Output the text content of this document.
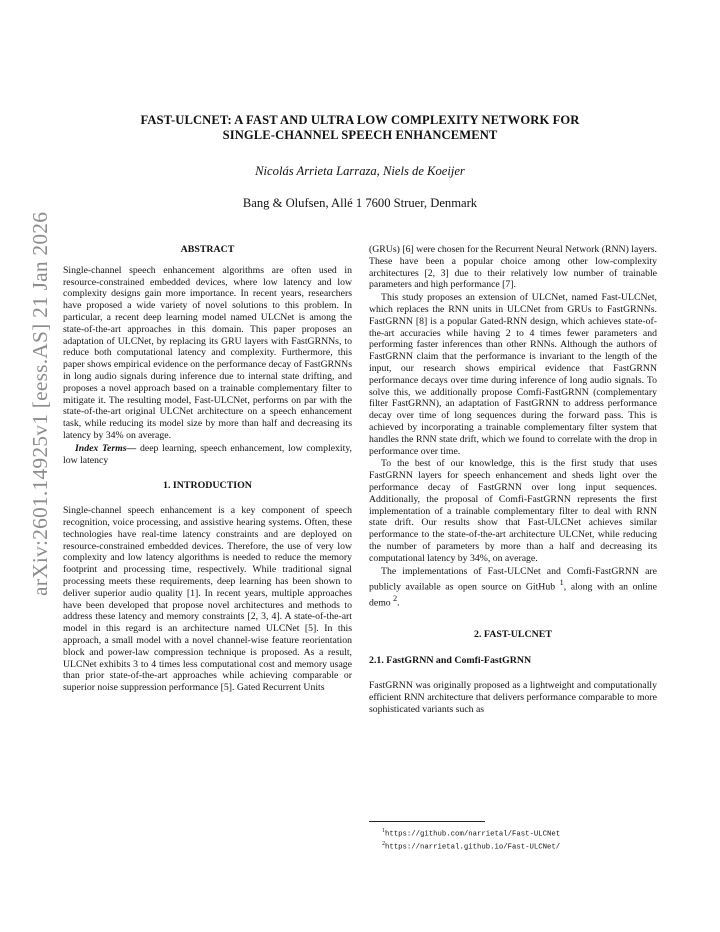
arXiv:2601.14925v1 [eess.AS] 21 Jan 2026
FAST-ULCNET: A FAST AND ULTRA LOW COMPLEXITY NETWORK FOR
SINGLE-CHANNEL SPEECH ENHANCEMENT
Nicolás Arrieta Larraza, Niels de Koeijer
Bang & Olufsen, Allé 1 7600 Struer, Denmark
ABSTRACT

Single-channel speech enhancement algorithms are often used in resource-constrained embedded devices, where low latency and low complexity designs gain more importance. In recent years, researchers have proposed a wide variety of novel solutions to this problem. In particular, a recent deep learning model named ULCNet is among the state-of-the-art approaches in this domain. This paper proposes an adaptation of ULCNet, by replacing its GRU layers with FastGRNNs, to reduce both computational latency and complexity. Furthermore, this paper shows empirical evidence on the performance decay of FastGRNNs in long audio signals during inference due to internal state drifting, and proposes a novel approach based on a trainable complementary filter to mitigate it. The resulting model, Fast-ULCNet, performs on par with the state-of-the-art original ULCNet architecture on a speech enhancement task, while reducing its model size by more than half and decreasing its latency by 34% on average.

Index Terms— deep learning, speech enhancement, low complexity, low latency

1. INTRODUCTION

Single-channel speech enhancement is a key component of speech recognition, voice processing, and assistive hearing systems. Often, these technologies have real-time latency constraints and are deployed on resource-constrained embedded devices. Therefore, the use of very low complexity and low latency algorithms is needed to reduce the memory footprint and processing time, respectively. While traditional signal processing meets these requirements, deep learning has been shown to deliver superior audio quality [1]. In recent years, multiple approaches have been developed that propose novel architectures and methods to address these latency and memory constraints [2, 3, 4]. A state-of-the-art model in this regard is an architecture named ULCNet [5]. In this approach, a small model with a novel channel-wise feature reorientation block and power-law compression technique is proposed. As a result, ULCNet exhibits 3 to 4 times less computational cost and memory usage than prior state-of-the-art approaches while achieving comparable or superior noise suppression performance [5]. Gated Recurrent Units

(GRUs) [6] were chosen for the Recurrent Neural Network (RNN) layers. These have been a popular choice among other low-complexity architectures [2, 3] due to their relatively low number of trainable parameters and high performance [7].

This study proposes an extension of ULCNet, named Fast-ULCNet, which replaces the RNN units in ULCNet from GRUs to FastGRNNs. FastGRNN [8] is a popular Gated-RNN design, which achieves state-of-the-art accuracies while having 2 to 4 times fewer parameters and performing faster inferences than other RNNs. Although the authors of FastGRNN claim that the performance is invariant to the length of the input, our research shows empirical evidence that FastGRNN performance decays over time during inference of long audio signals. To solve this, we additionally propose Comfi-FastGRNN (complementary filter FastGRNN), an adaptation of FastGRNN to address performance decay over time of long sequences during the forward pass. This is achieved by incorporating a trainable complementary filter system that handles the RNN state drift, which we found to correlate with the drop in performance over time.

To the best of our knowledge, this is the first study that uses FastGRNN layers for speech enhancement and sheds light over the performance decay of FastGRNN over long input sequences. Additionally, the proposal of Comfi-FastGRNN represents the first implementation of a trainable complementary filter to deal with RNN state drift. Our results show that Fast-ULCNet achieves similar performance to the state-of-the-art architecture ULCNet, while reducing the number of parameters by more than a half and decreasing its computational latency by 34%, on average.

The implementations of Fast-ULCNet and Comfi-FastGRNN are publicly available as open source on GitHub $^1$, along with an online demo $^2$.

2. FAST-ULCNET
2.1. FastGRNN and Comfi-FastGRNN

FastGRNN was originally proposed as a lightweight and computationally efficient RNN architecture that delivers performance comparable to more sophisticated variants such as

$^1$https://github.com/narrietal/Fast-ULCNet
$^2$https://narrietal.github.io/Fast-ULCNet/
